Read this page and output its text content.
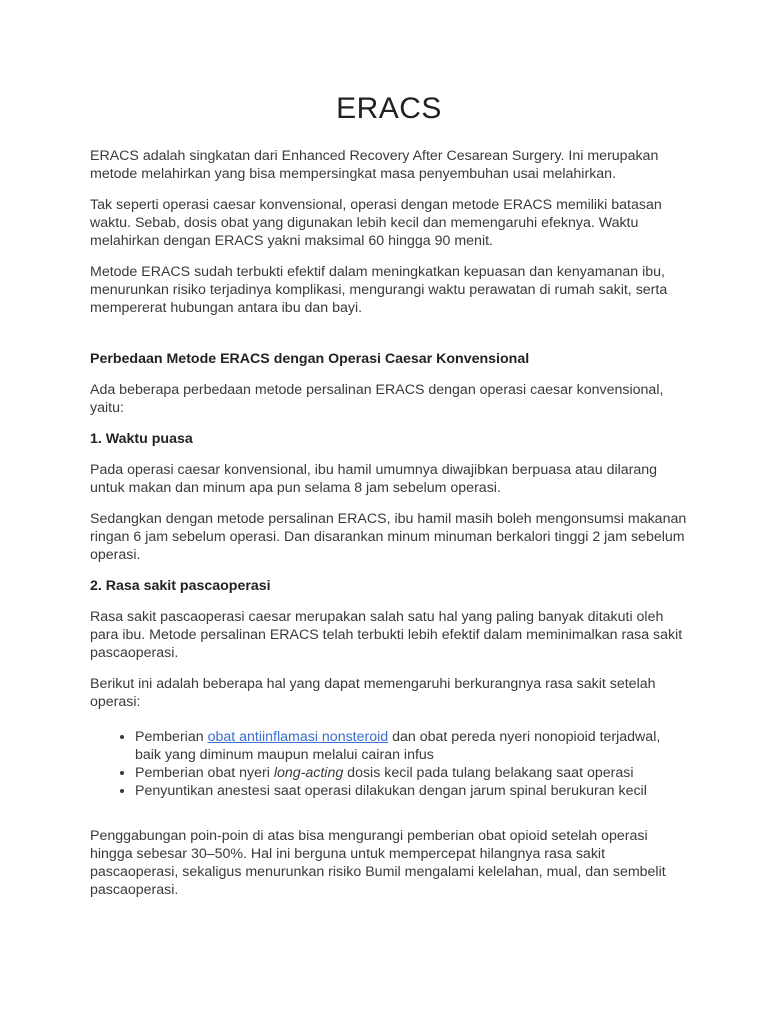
ERACS

ERACS adalah singkatan dari Enhanced Recovery After Cesarean Surgery. Ini merupakan metode melahirkan yang bisa mempersingkat masa penyembuhan usai melahirkan.

Tak seperti operasi caesar konvensional, operasi dengan metode ERACS memiliki batasan waktu. Sebab, dosis obat yang digunakan lebih kecil dan memengaruhi efeknya. Waktu melahirkan dengan ERACS yakni maksimal 60 hingga 90 menit.

Metode ERACS sudah terbukti efektif dalam meningkatkan kepuasan dan kenyamanan ibu, menurunkan risiko terjadinya komplikasi, mengurangi waktu perawatan di rumah sakit, serta mempererat hubungan antara ibu dan bayi.

Perbedaan Metode ERACS dengan Operasi Caesar Konvensional

Ada beberapa perbedaan metode persalinan ERACS dengan operasi caesar konvensional, yaitu:

1. Waktu puasa

Pada operasi caesar konvensional, ibu hamil umumnya diwajibkan berpuasa atau dilarang untuk makan dan minum apa pun selama 8 jam sebelum operasi.

Sedangkan dengan metode persalinan ERACS, ibu hamil masih boleh mengonsumsi makanan ringan 6 jam sebelum operasi. Dan disarankan minum minuman berkalori tinggi 2 jam sebelum operasi.

2. Rasa sakit pascaoperasi

Rasa sakit pascaoperasi caesar merupakan salah satu hal yang paling banyak ditakuti oleh para ibu. Metode persalinan ERACS telah terbukti lebih efektif dalam meminimalkan rasa sakit pascaoperasi.

Berikut ini adalah beberapa hal yang dapat memengaruhi berkurangnya rasa sakit setelah operasi:

• Pemberian obat antiinflamasi nonsteroid dan obat pereda nyeri nonopioid terjadwal, baik yang diminum maupun melalui cairan infus
• Pemberian obat nyeri long-acting dosis kecil pada tulang belakang saat operasi
• Penyuntikan anestesi saat operasi dilakukan dengan jarum spinal berukuran kecil

Penggabungan poin-poin di atas bisa mengurangi pemberian obat opioid setelah operasi hingga sebesar 30–50%. Hal ini berguna untuk mempercepat hilangnya rasa sakit pascaoperasi, sekaligus menurunkan risiko Bumil mengalami kelelahan, mual, dan sembelit pascaoperasi.
